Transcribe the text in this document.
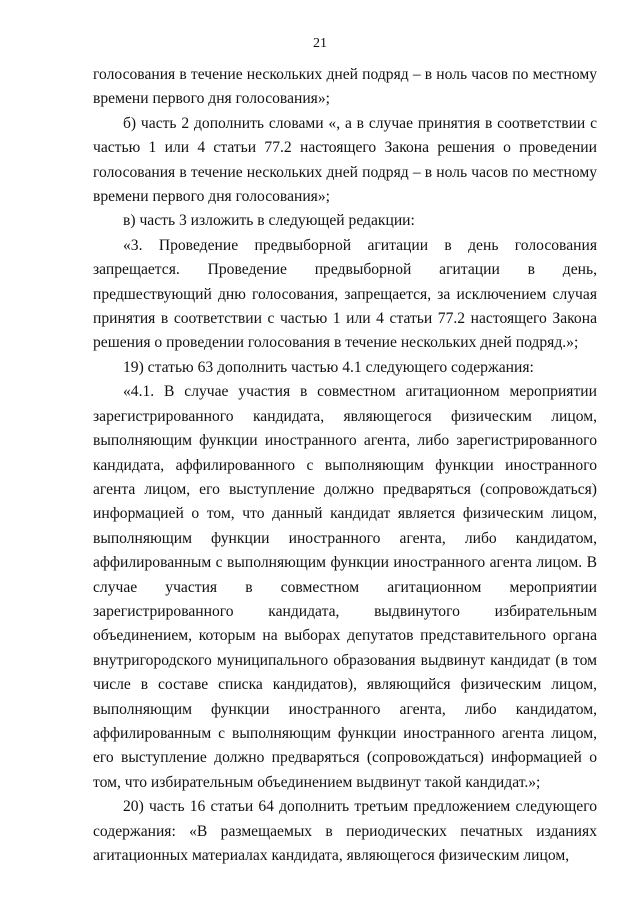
21

голосования в течение нескольких дней подряд – в ноль часов по местному времени первого дня голосования»;

б) часть 2 дополнить словами «, а в случае принятия в соответствии с частью 1 или 4 статьи 77.2 настоящего Закона решения о проведении голосования в течение нескольких дней подряд – в ноль часов по местному времени первого дня голосования»;

в) часть 3 изложить в следующей редакции:

«3. Проведение предвыборной агитации в день голосования запрещается. Проведение предвыборной агитации в день, предшествующий дню голосования, запрещается, за исключением случая принятия в соответствии с частью 1 или 4 статьи 77.2 настоящего Закона решения о проведении голосования в течение нескольких дней подряд.»;

19) статью 63 дополнить частью 4.1 следующего содержания:

«4.1. В случае участия в совместном агитационном мероприятии зарегистрированного кандидата, являющегося физическим лицом, выполняющим функции иностранного агента, либо зарегистрированного кандидата, аффилированного с выполняющим функции иностранного агента лицом, его выступление должно предваряться (сопровождаться) информацией о том, что данный кандидат является физическим лицом, выполняющим функции иностранного агента, либо кандидатом, аффилированным с выполняющим функции иностранного агента лицом. В случае участия в совместном агитационном мероприятии зарегистрированного кандидата, выдвинутого избирательным объединением, которым на выборах депутатов представительного органа внутригородского муниципального образования выдвинут кандидат (в том числе в составе списка кандидатов), являющийся физическим лицом, выполняющим функции иностранного агента, либо кандидатом, аффилированным с выполняющим функции иностранного агента лицом, его выступление должно предваряться (сопровождаться) информацией о том, что избирательным объединением выдвинут такой кандидат.»;

20) часть 16 статьи 64 дополнить третьим предложением следующего содержания: «В размещаемых в периодических печатных изданиях агитационных материалах кандидата, являющегося физическим лицом,
